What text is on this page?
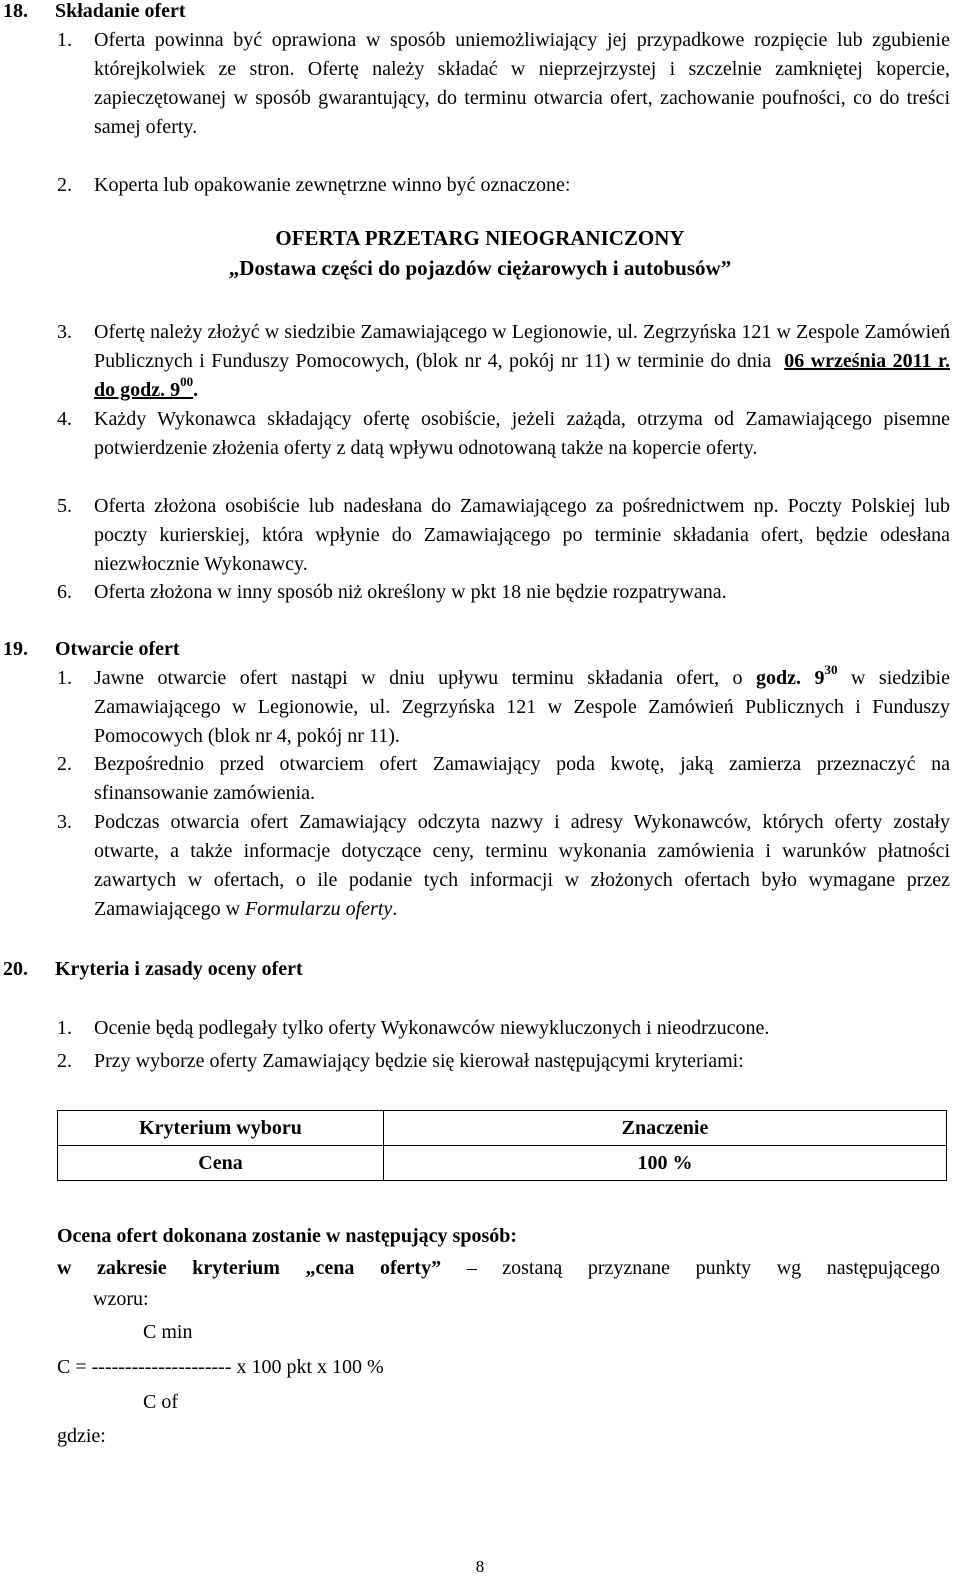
18. Składanie ofert
1. Oferta powinna być oprawiona w sposób uniemożliwiający jej przypadkowe rozpięcie lub zgubienie którejkolwiek ze stron. Ofertę należy składać w nieprzejrzystej i szczelnie zamkniętej kopercie, zapieczętowanej w sposób gwarantujący, do terminu otwarcia ofert, zachowanie poufności, co do treści samej oferty.
2. Koperta lub opakowanie zewnętrzne winno być oznaczone:
OFERTA PRZETARG NIEOGRANICZONY
„Dostawa części do pojazdów ciężarowych i autobusów”
3. Ofertę należy złożyć w siedzibie Zamawiającego w Legionowie, ul. Zegrzyńska 121 w Zespole Zamówień Publicznych i Funduszy Pomocowych, (blok nr 4, pokój nr 11) w terminie do dnia 06 września 2011 r. do godz. $9^{00}$.
4. Każdy Wykonawca składający ofertę osobiście, jeżeli zażąda, otrzyma od Zamawiającego pisemne potwierdzenie złożenia oferty z datą wpływu odnotowaną także na kopercie oferty.
5. Oferta złożona osobiście lub nadesłana do Zamawiającego za pośrednictwem np. Poczty Polskiej lub poczty kurierskiej, która wpłynie do Zamawiającego po terminie składania ofert, będzie odesłana niezwłocznie Wykonawcy.
6. Oferta złożona w inny sposób niż określony w pkt 18 nie będzie rozpatrywana.
19. Otwarcie ofert
1. Jawne otwarcie ofert nastąpi w dniu upływu terminu składania ofert, o godz. $9^{30}$ w siedzibie Zamawiającego w Legionowie, ul. Zegrzyńska 121 w Zespole Zamówień Publicznych i Funduszy Pomocowych (blok nr 4, pokój nr 11).
2. Bezpośrednio przed otwarciem ofert Zamawiający poda kwotę, jaką zamierza przeznaczyć na sfinansowanie zamówienia.
3. Podczas otwarcia ofert Zamawiający odczyta nazwy i adresy Wykonawców, których oferty zostały otwarte, a także informacje dotyczące ceny, terminu wykonania zamówienia i warunków płatności zawartych w ofertach, o ile podanie tych informacji w złożonych ofertach było wymagane przez Zamawiającego w Formularzu oferty.
20. Kryteria i zasady oceny ofert
1. Ocenie będą podlegały tylko oferty Wykonawców niewykluczonych i nieodrzucone.
2. Przy wyborze oferty Zamawiający będzie się kierował następującymi kryteriami:
Kryterium wyboru	Znaczenie
Cena	100 %
Ocena ofert dokonana zostanie w następujący sposób:
w zakresie kryterium „cena oferty” – zostaną przyznane punkty wg następującego
wzoru:
C min
C = --------------------- x 100 pkt x 100 %
C of
gdzie:
8
